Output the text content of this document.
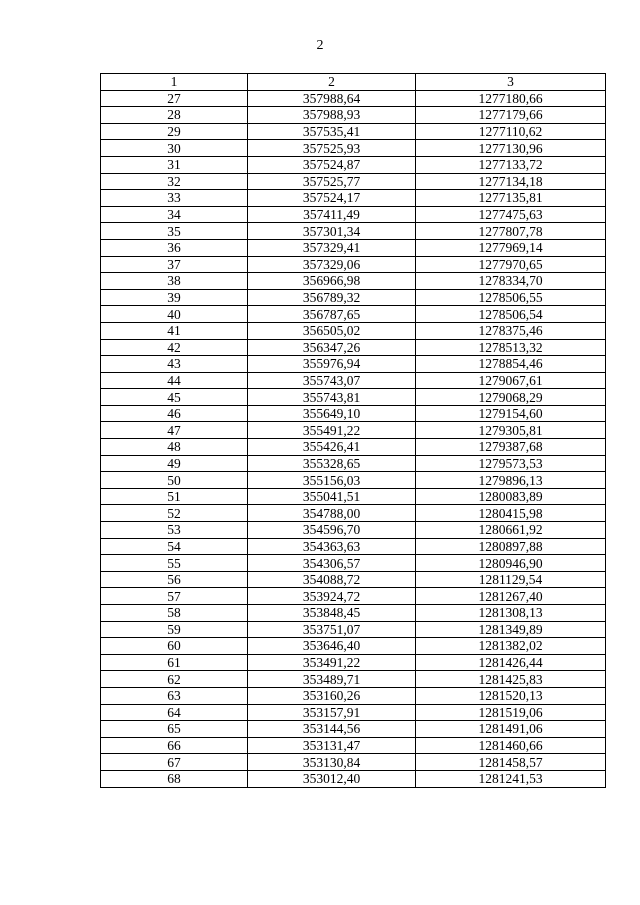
2
1	2	3
27	357988,64	1277180,66
28	357988,93	1277179,66
29	357535,41	1277110,62
30	357525,93	1277130,96
31	357524,87	1277133,72
32	357525,77	1277134,18
33	357524,17	1277135,81
34	357411,49	1277475,63
35	357301,34	1277807,78
36	357329,41	1277969,14
37	357329,06	1277970,65
38	356966,98	1278334,70
39	356789,32	1278506,55
40	356787,65	1278506,54
41	356505,02	1278375,46
42	356347,26	1278513,32
43	355976,94	1278854,46
44	355743,07	1279067,61
45	355743,81	1279068,29
46	355649,10	1279154,60
47	355491,22	1279305,81
48	355426,41	1279387,68
49	355328,65	1279573,53
50	355156,03	1279896,13
51	355041,51	1280083,89
52	354788,00	1280415,98
53	354596,70	1280661,92
54	354363,63	1280897,88
55	354306,57	1280946,90
56	354088,72	1281129,54
57	353924,72	1281267,40
58	353848,45	1281308,13
59	353751,07	1281349,89
60	353646,40	1281382,02
61	353491,22	1281426,44
62	353489,71	1281425,83
63	353160,26	1281520,13
64	353157,91	1281519,06
65	353144,56	1281491,06
66	353131,47	1281460,66
67	353130,84	1281458,57
68	353012,40	1281241,53
